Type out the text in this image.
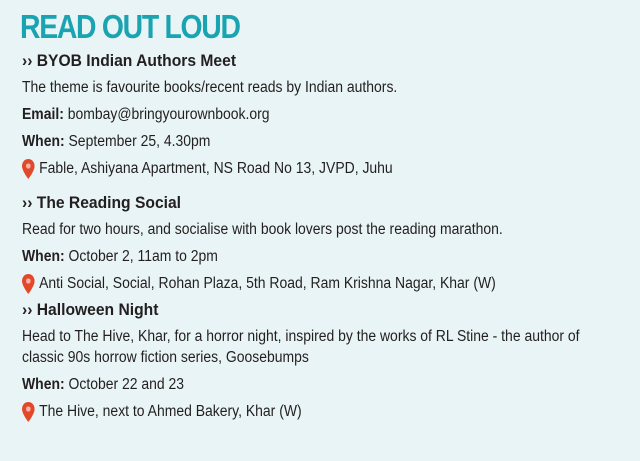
READ OUT LOUD
›› BYOB Indian Authors Meet
The theme is favourite books/recent reads by Indian authors.
Email: bombay@bringyourownbook.org
When: September 25, 4.30pm
Fable, Ashiyana Apartment, NS Road No 13, JVPD, Juhu
›› The Reading Social
Read for two hours, and socialise with book lovers post the reading marathon.
When: October 2, 11am to 2pm
Anti Social, Social, Rohan Plaza, 5th Road, Ram Krishna Nagar, Khar (W)
›› Halloween Night
Head to The Hive, Khar, for a horror night, inspired by the works of RL Stine - the author of classic 90s horrow fiction series, Goosebumps
When: October 22 and 23
The Hive, next to Ahmed Bakery, Khar (W)
